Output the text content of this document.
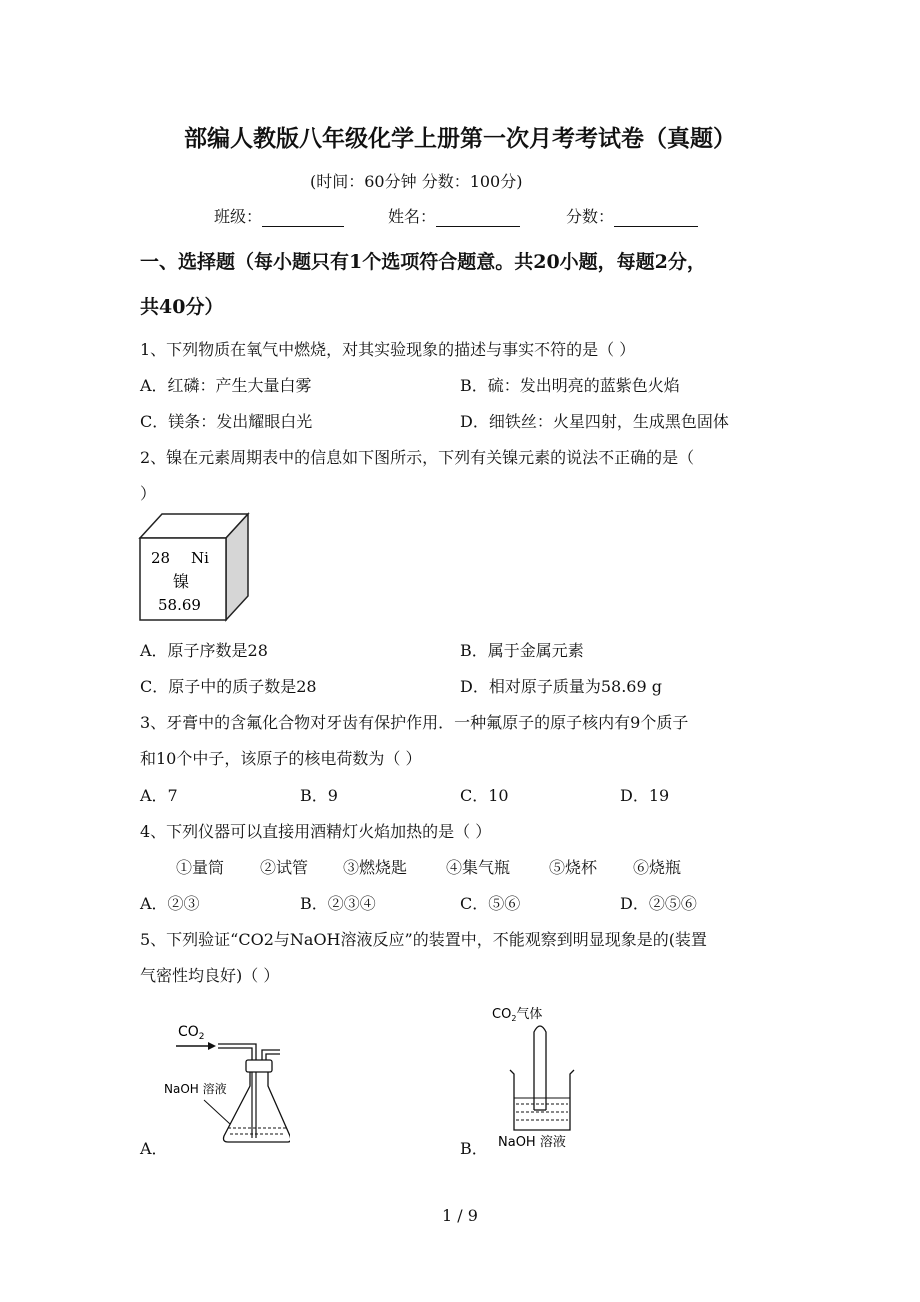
部编人教版八年级化学上册第一次月考考试卷（真题）
(时间：60分钟 分数：100分)
班级：	姓名：	分数：
一、选择题（每小题只有1个选项符合题意。共20小题，每题2分，
共40分）
1、下列物质在氧气中燃烧，对其实验现象的描述与事实不符的是（ ）
A．红磷：产生大量白雾	B．硫：发出明亮的蓝紫色火焰
C．镁条：发出耀眼白光	D．细铁丝：火星四射，生成黑色固体
2、镍在元素周期表中的信息如下图所示，下列有关镍元素的说法不正确的是（
）
28 Ni
镍
58.69
A．原子序数是28	B．属于金属元素
C．原子中的质子数是28	D．相对原子质量为58.69 g
3、牙膏中的含氟化合物对牙齿有保护作用．一种氟原子的原子核内有9个质子
和10个中子，该原子的核电荷数为（ ）
A．7	B．9	C．10	D．19
4、下列仪器可以直接用酒精灯火焰加热的是（ ）
①量筒 ②试管 ③燃烧匙 ④集气瓶 ⑤烧杯 ⑥烧瓶
A．②③	B．②③④	C．⑤⑥	D．②⑤⑥
5、下列验证“CO2与NaOH溶液反应”的装置中，不能观察到明显现象是的(装置
气密性均良好)（ ）
A．
$CO_2$
NaOH 溶液
B．
$CO_2$气体
NaOH 溶液
1 / 9
